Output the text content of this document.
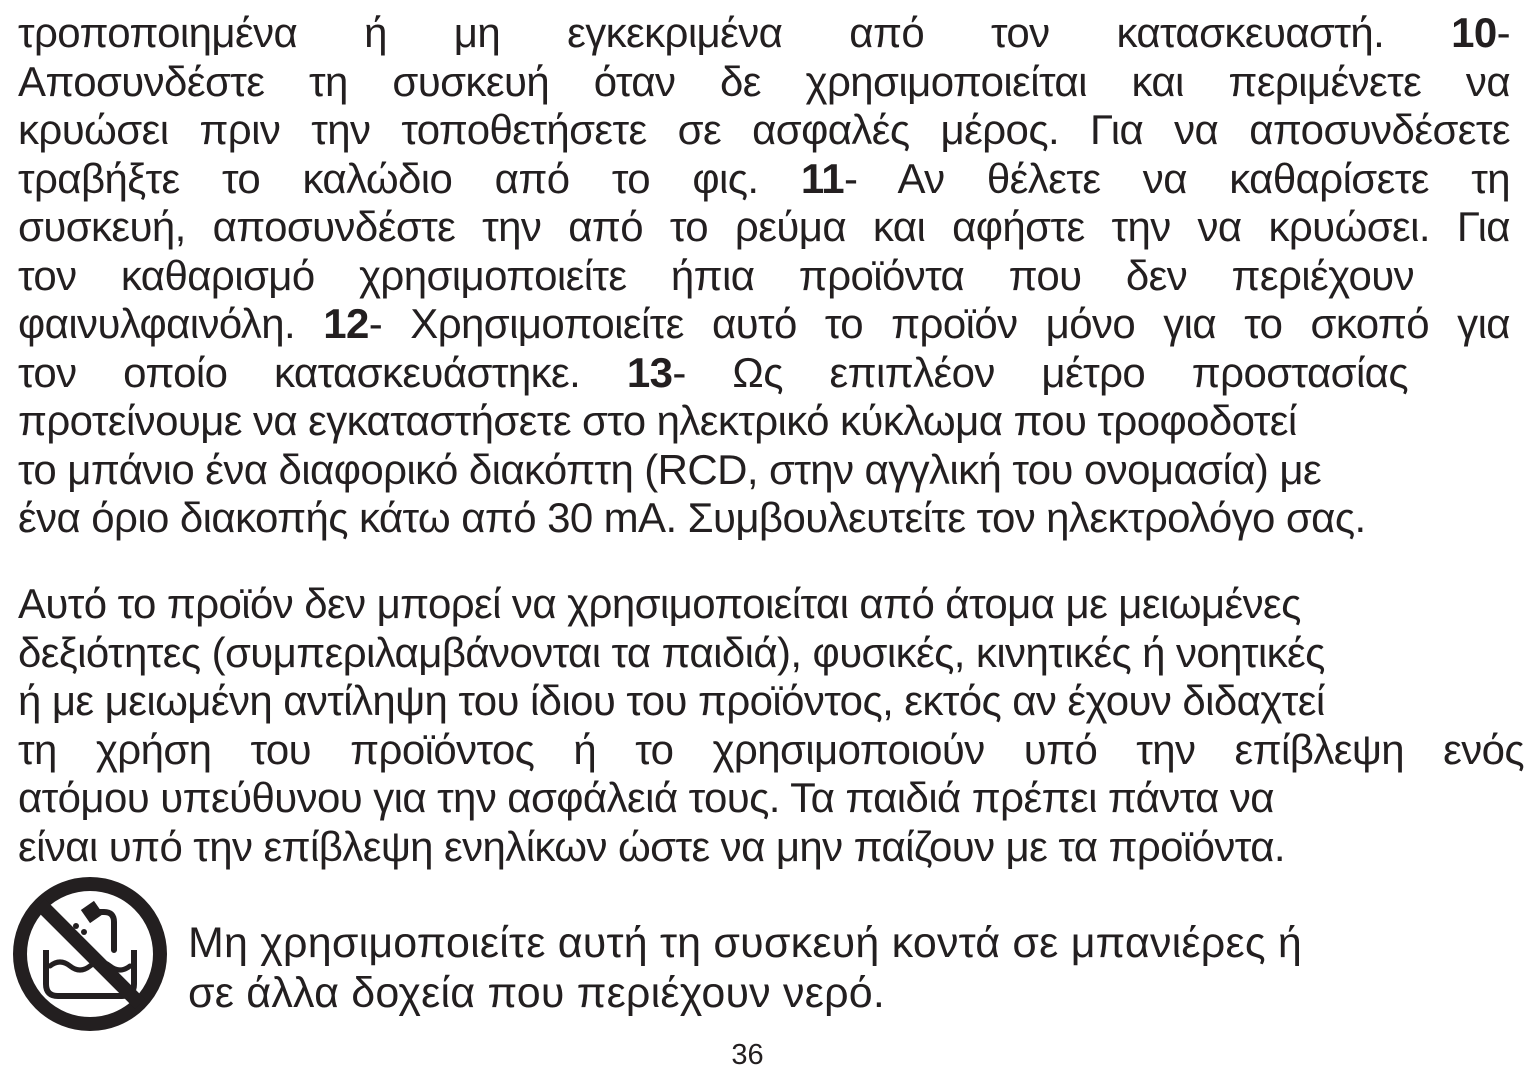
τροποποιημένα ή μη εγκεκριμένα από τον κατασκευαστή. 10-
Αποσυνδέστε τη συσκευή όταν δε χρησιμοποιείται και περιμένετε να
κρυώσει πριν την τοποθετήσετε σε ασφαλές μέρος. Για να αποσυνδέσετε
τραβήξτε το καλώδιο από το φις. 11- Αν θέλετε να καθαρίσετε τη
συσκευή, αποσυνδέστε την από το ρεύμα και αφήστε την να κρυώσει. Για
τον καθαρισμό χρησιμοποιείτε ήπια προϊόντα που δεν περιέχουν
φαινυλφαινόλη. 12- Χρησιμοποιείτε αυτό το προϊόν μόνο για το σκοπό για
τον οποίο κατασκευάστηκε. 13- Ως επιπλέον μέτρο προστασίας
προτείνουμε να εγκαταστήσετε στο ηλεκτρικό κύκλωμα που τροφοδοτεί
το μπάνιο ένα διαφορικό διακόπτη (RCD, στην αγγλική του ονομασία) με
ένα όριο διακοπής κάτω από 30 mA. Συμβουλευτείτε τον ηλεκτρολόγο σας.
Αυτό το προϊόν δεν μπορεί να χρησιμοποιείται από άτομα με μειωμένες
δεξιότητες (συμπεριλαμβάνονται τα παιδιά), φυσικές, κινητικές ή νοητικές
ή με μειωμένη αντίληψη του ίδιου του προϊόντος, εκτός αν έχουν διδαχτεί
τη χρήση του προϊόντος ή το χρησιμοποιούν υπό την επίβλεψη ενός
ατόμου υπεύθυνου για την ασφάλειά τους. Τα παιδιά πρέπει πάντα να
είναι υπό την επίβλεψη ενηλίκων ώστε να μην παίζουν με τα προϊόντα.
Μη χρησιμοποιείτε αυτή τη συσκευή κοντά σε μπανιέρες ή
σε άλλα δοχεία που περιέχουν νερό.
36
